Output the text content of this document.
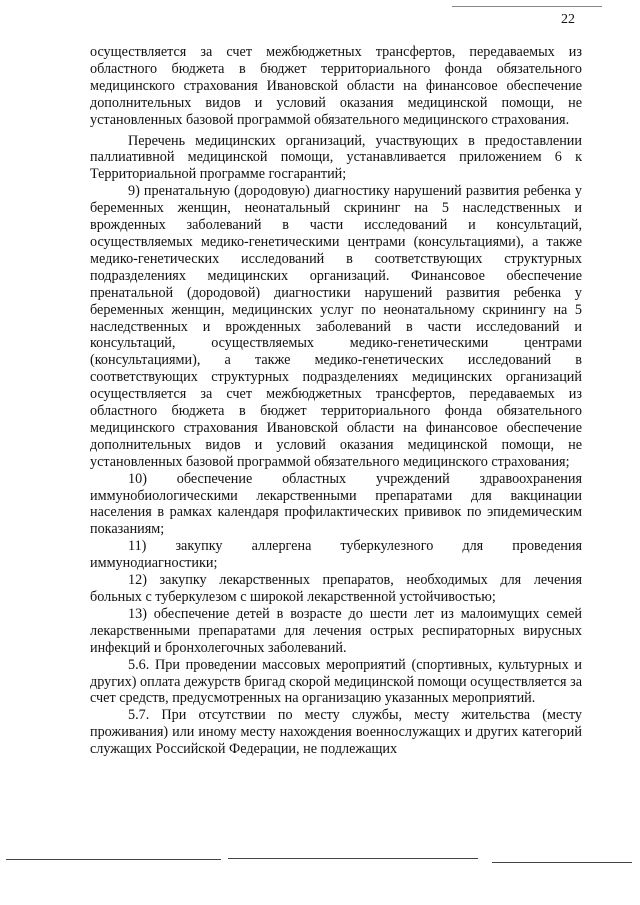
22

осуществляется за счет межбюджетных трансфертов, передаваемых из областного бюджета в бюджет территориального фонда обязательного медицинского страхования Ивановской области на финансовое обеспечение дополнительных видов и условий оказания медицинской помощи, не установленных базовой программой обязательного медицинского страхования.

Перечень медицинских организаций, участвующих в предоставлении паллиативной медицинской помощи, устанавливается приложением 6 к Территориальной программе госгарантий;

9) пренатальную (дородовую) диагностику нарушений развития ребенка у беременных женщин, неонатальный скрининг на 5 наследственных и врожденных заболеваний в части исследований и консультаций, осуществляемых медико-генетическими центрами (консультациями), а также медико-генетических исследований в соответствующих структурных подразделениях медицинских организаций. Финансовое обеспечение пренатальной (дородовой) диагностики нарушений развития ребенка у беременных женщин, медицинских услуг по неонатальному скринингу на 5 наследственных и врожденных заболеваний в части исследований и консультаций, осуществляемых медико-генетическими центрами (консультациями), а также медико-генетических исследований в соответствующих структурных подразделениях медицинских организаций осуществляется за счет межбюджетных трансфертов, передаваемых из областного бюджета в бюджет территориального фонда обязательного медицинского страхования Ивановской области на финансовое обеспечение дополнительных видов и условий оказания медицинской помощи, не установленных базовой программой обязательного медицинского страхования;

10) обеспечение областных учреждений здравоохранения иммунобиологическими лекарственными препаратами для вакцинации населения в рамках календаря профилактических прививок по эпидемическим показаниям;

11) закупку аллергена туберкулезного для проведения иммунодиагностики;

12) закупку лекарственных препаратов, необходимых для лечения больных с туберкулезом с широкой лекарственной устойчивостью;

13) обеспечение детей в возрасте до шести лет из малоимущих семей лекарственными препаратами для лечения острых респираторных вирусных инфекций и бронхолегочных заболеваний.

5.6. При проведении массовых мероприятий (спортивных, культурных и других) оплата дежурств бригад скорой медицинской помощи осуществляется за счет средств, предусмотренных на организацию указанных мероприятий.

5.7. При отсутствии по месту службы, месту жительства (месту проживания) или иному месту нахождения военнослужащих и других категорий служащих Российской Федерации, не подлежащих
